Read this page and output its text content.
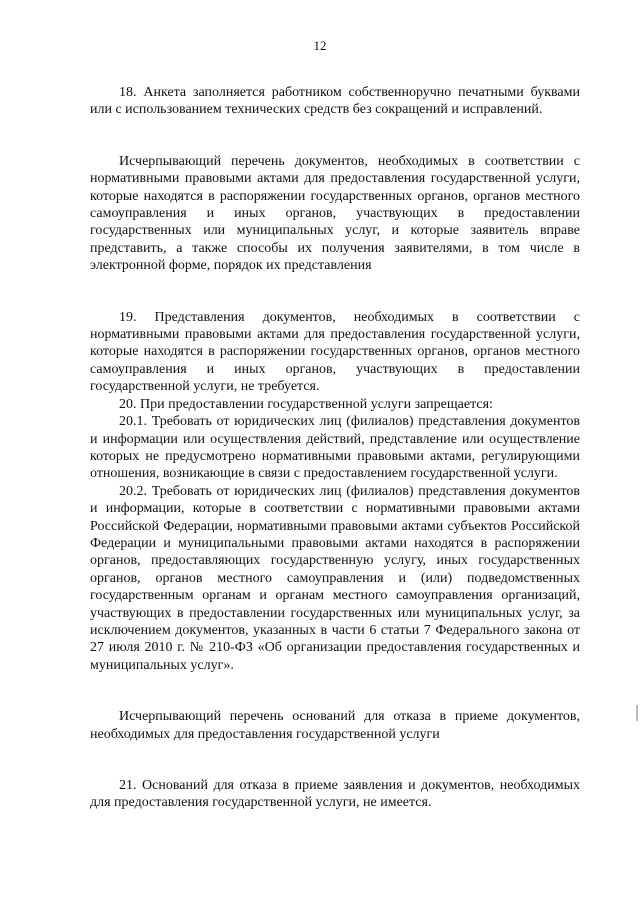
12

18. Анкета заполняется работником собственноручно печатными буквами или с использованием технических средств без сокращений и исправлений.

Исчерпывающий перечень документов, необходимых в соответствии с нормативными правовыми актами для предоставления государственной услуги, которые находятся в распоряжении государственных органов, органов местного самоуправления и иных органов, участвующих в предоставлении государственных или муниципальных услуг, и которые заявитель вправе представить, а также способы их получения заявителями, в том числе в электронной форме, порядок их представления

19. Представления документов, необходимых в соответствии с нормативными правовыми актами для предоставления государственной услуги, которые находятся в распоряжении государственных органов, органов местного самоуправления и иных органов, участвующих в предоставлении государственной услуги, не требуется.

20. При предоставлении государственной услуги запрещается:

20.1. Требовать от юридических лиц (филиалов) представления документов и информации или осуществления действий, представление или осуществление которых не предусмотрено нормативными правовыми актами, регулирующими отношения, возникающие в связи с предоставлением государственной услуги.

20.2. Требовать от юридических лиц (филиалов) представления документов и информации, которые в соответствии с нормативными правовыми актами Российской Федерации, нормативными правовыми актами субъектов Российской Федерации и муниципальными правовыми актами находятся в распоряжении органов, предоставляющих государственную услугу, иных государственных органов, органов местного самоуправления и (или) подведомственных государственным органам и органам местного самоуправления организаций, участвующих в предоставлении государственных или муниципальных услуг, за исключением документов, указанных в части 6 статьи 7 Федерального закона от 27 июля 2010 г. № 210-ФЗ «Об организации предоставления государственных и муниципальных услуг».

Исчерпывающий перечень оснований для отказа в приеме документов, необходимых для предоставления государственной услуги

21. Оснований для отказа в приеме заявления и документов, необходимых для предоставления государственной услуги, не имеется.
